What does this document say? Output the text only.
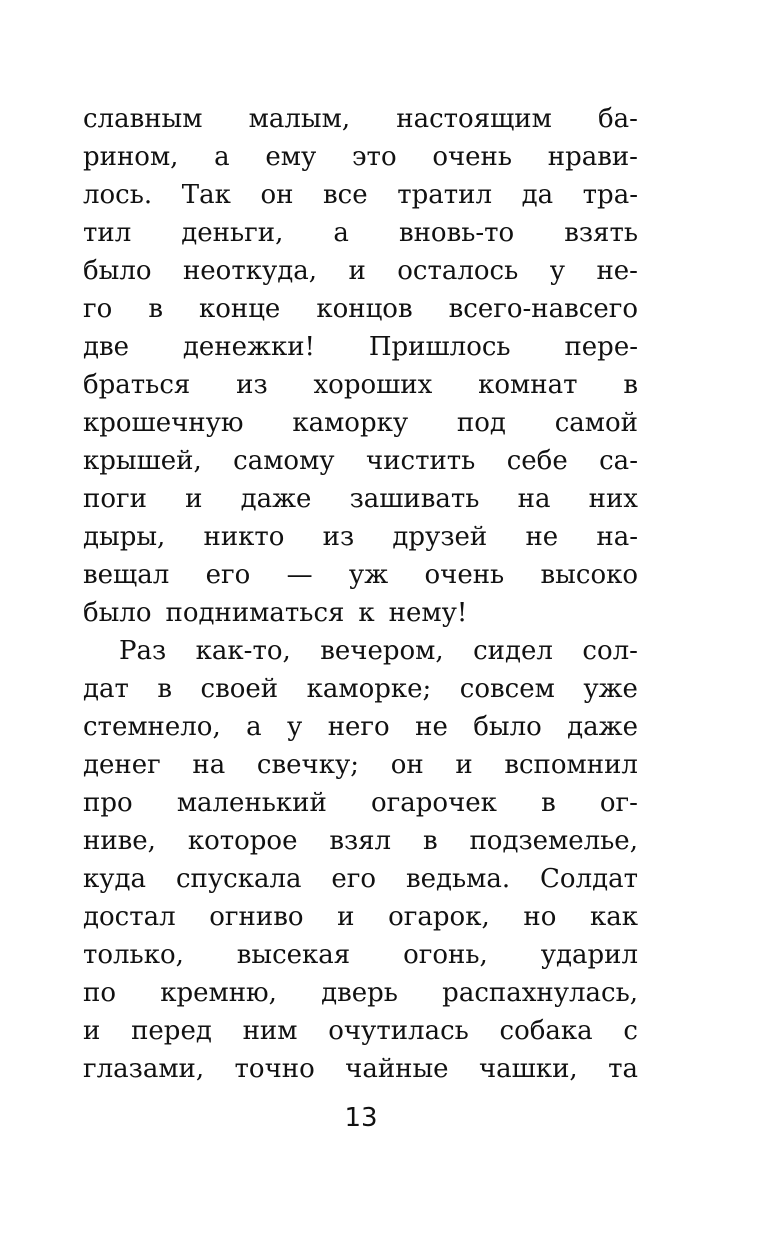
славным малым, настоящим ба-
рином, а ему это очень нрави-
лось. Так он все тратил да тра-
тил деньги, а вновь-то взять
было неоткуда, и осталось у не-
го в конце концов всего-навсего
две денежки! Пришлось пере-
браться из хороших комнат в
крошечную каморку под самой
крышей, самому чистить себе са-
поги и даже зашивать на них
дыры, никто из друзей не на-
вещал его — уж очень высоко
было подниматься к нему!
Раз как-то, вечером, сидел сол-
дат в своей каморке; совсем уже
стемнело, а у него не было даже
денег на свечку; он и вспомнил
про маленький огарочек в ог-
ниве, которое взял в подземелье,
куда спускала его ведьма. Солдат
достал огниво и огарок, но как
только, высекая огонь, ударил
по кремню, дверь распахнулась,
и перед ним очутилась собака с
глазами, точно чайные чашки, та
13
